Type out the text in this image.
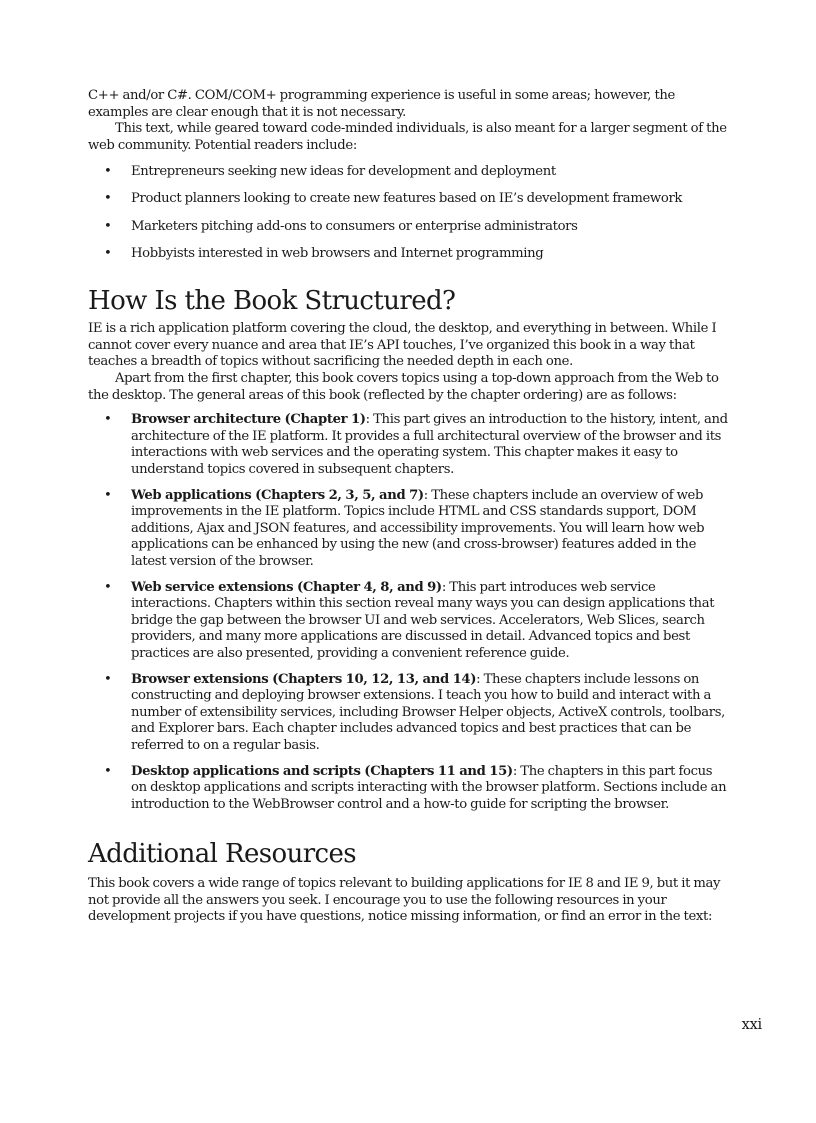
C++ and/or C#. COM/COM+ programming experience is useful in some areas; however, the examples are clear enough that it is not necessary.

This text, while geared toward code-minded individuals, is also meant for a larger segment of the web community. Potential readers include:

• Entrepreneurs seeking new ideas for development and deployment
• Product planners looking to create new features based on IE’s development framework
• Marketers pitching add-ons to consumers or enterprise administrators
• Hobbyists interested in web browsers and Internet programming
How Is the Book Structured?

IE is a rich application platform covering the cloud, the desktop, and everything in between. While I cannot cover every nuance and area that IE’s API touches, I’ve organized this book in a way that teaches a breadth of topics without sacrificing the needed depth in each one.

Apart from the first chapter, this book covers topics using a top-down approach from the Web to the desktop. The general areas of this book (reflected by the chapter ordering) are as follows:

• Browser architecture (Chapter 1): This part gives an introduction to the history, intent, and architecture of the IE platform. It provides a full architectural overview of the browser and its interactions with web services and the operating system. This chapter makes it easy to understand topics covered in subsequent chapters.
• Web applications (Chapters 2, 3, 5, and 7): These chapters include an overview of web improvements in the IE platform. Topics include HTML and CSS standards support, DOM additions, Ajax and JSON features, and accessibility improvements. You will learn how web applications can be enhanced by using the new (and cross-browser) features added in the latest version of the browser.
• Web service extensions (Chapter 4, 8, and 9): This part introduces web service interactions. Chapters within this section reveal many ways you can design applications that bridge the gap between the browser UI and web services. Accelerators, Web Slices, search providers, and many more applications are discussed in detail. Advanced topics and best practices are also presented, providing a convenient reference guide.
• Browser extensions (Chapters 10, 12, 13, and 14): These chapters include lessons on constructing and deploying browser extensions. I teach you how to build and interact with a number of extensibility services, including Browser Helper objects, ActiveX controls, toolbars, and Explorer bars. Each chapter includes advanced topics and best practices that can be referred to on a regular basis.
• Desktop applications and scripts (Chapters 11 and 15): The chapters in this part focus on desktop applications and scripts interacting with the browser platform. Sections include an introduction to the WebBrowser control and a how-to guide for scripting the browser.
Additional Resources

This book covers a wide range of topics relevant to building applications for IE 8 and IE 9, but it may not provide all the answers you seek. I encourage you to use the following resources in your development projects if you have questions, notice missing information, or find an error in the text:

xxi
